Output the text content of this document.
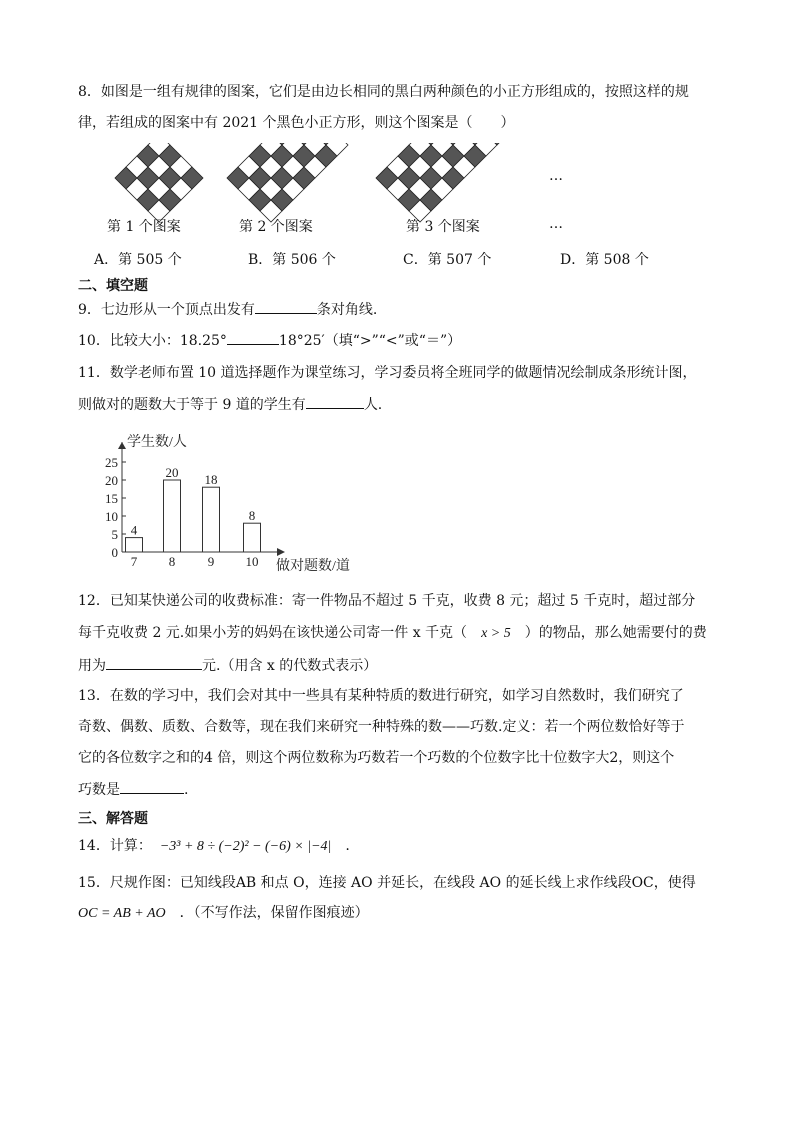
8．如图是一组有规律的图案，它们是由边长相同的黑白两种颜色的小正方形组成的，按照这样的规
律，若组成的图案中有 2021 个黑色小正方形，则这个图案是（　　）
第 1 个图案	第 2 个图案	第 3 个图案
…
…
A．第 505 个	B．第 506 个	C．第 507 个	D．第 508 个
二、填空题
9．七边形从一个顶点出发有	条对角线.
10．比较大小：18.25°	18°25′（填“>”“<”或“＝”）
11．数学老师布置 10 道选择题作为课堂练习，学习委员将全班同学的做题情况绘制成条形统计图，
则做对的题数大于等于 9 道的学生有	人.
0
5
10
15
20
25
学生数/人
做对题数/道
4
7
20
8
18
9
8
10
12．已知某快递公司的收费标准：寄一件物品不超过 5 千克，收费 8 元；超过 5 千克时，超过部分
每千克收费 2 元.如果小芳的妈妈在该快递公司寄一件 x 千克（ x > 5 ）的物品，那么她需要付的费
用为	元.（用含 x 的代数式表示）
13．在数的学习中，我们会对其中一些具有某种特质的数进行研究，如学习自然数时，我们研究了
奇数、偶数、质数、合数等，现在我们来研究一种特殊的数——巧数.定义：若一个两位数恰好等于
它的各位数字之和的4 倍，则这个两位数称为巧数若一个巧数的个位数字比十位数字大2，则这个
巧数是	.
三、解答题
14．计算： −3³ + 8 ÷ (−2)² − (−6) × |−4| .
15．尺规作图：已知线段AB 和点 O，连接 AO 并延长，在线段 AO 的延长线上求作线段OC，使得
OC = AB + AO ．（不写作法，保留作图痕迹）
